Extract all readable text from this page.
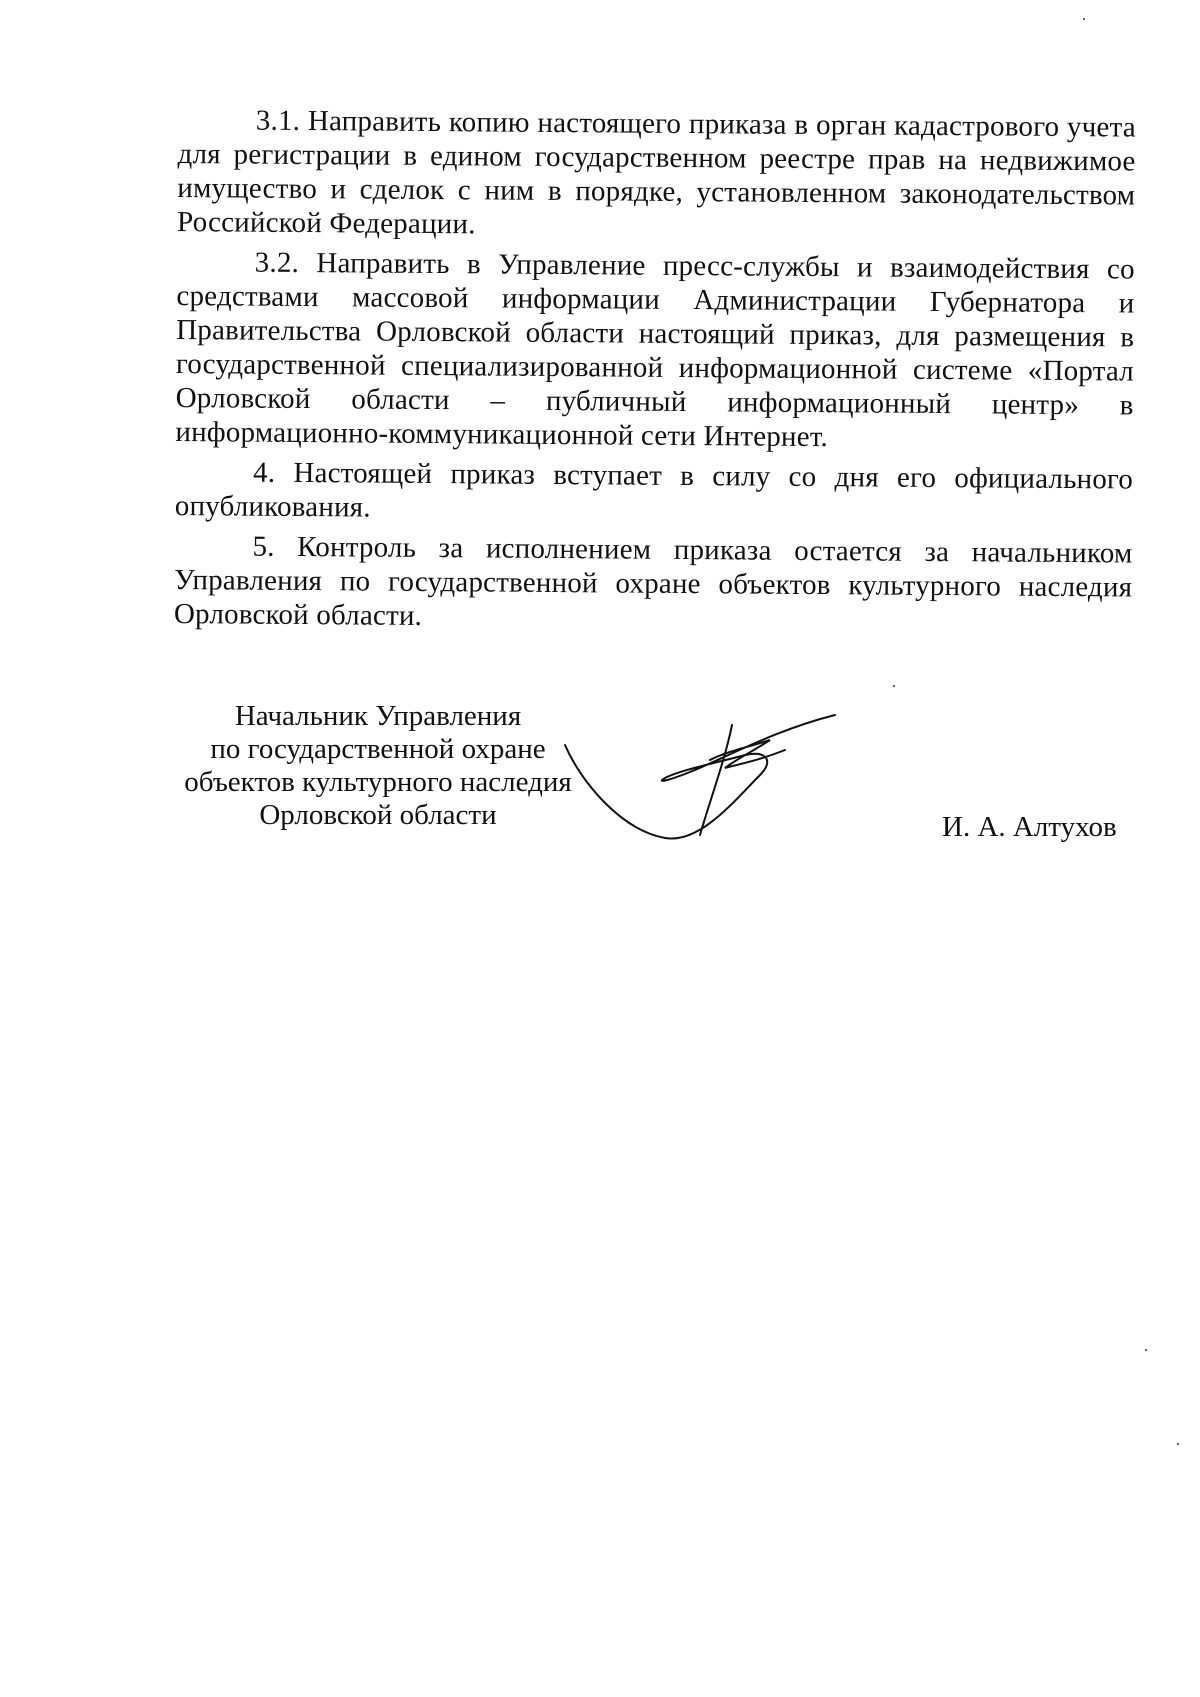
3.1. Направить копию настоящего приказа в орган кадастрового учета для регистрации в едином государственном реестре прав на недвижимое имущество и сделок с ним в порядке, установленном законодательством Российской Федерации.

3.2. Направить в Управление пресс-службы и взаимодействия со средствами массовой информации Администрации Губернатора и Правительства Орловской области настоящий приказ, для размещения в государственной специализированной информационной системе «Портал Орловской области – публичный информационный центр» в информационно-коммуникационной сети Интернет.

4. Настоящей приказ вступает в силу со дня его официального опубликования.

5. Контроль за исполнением приказа остается за начальником Управления по государственной охране объектов культурного наследия Орловской области.

Начальник Управления
по государственной охране
объектов культурного наследия
Орловской области	И. А. Алтухов
